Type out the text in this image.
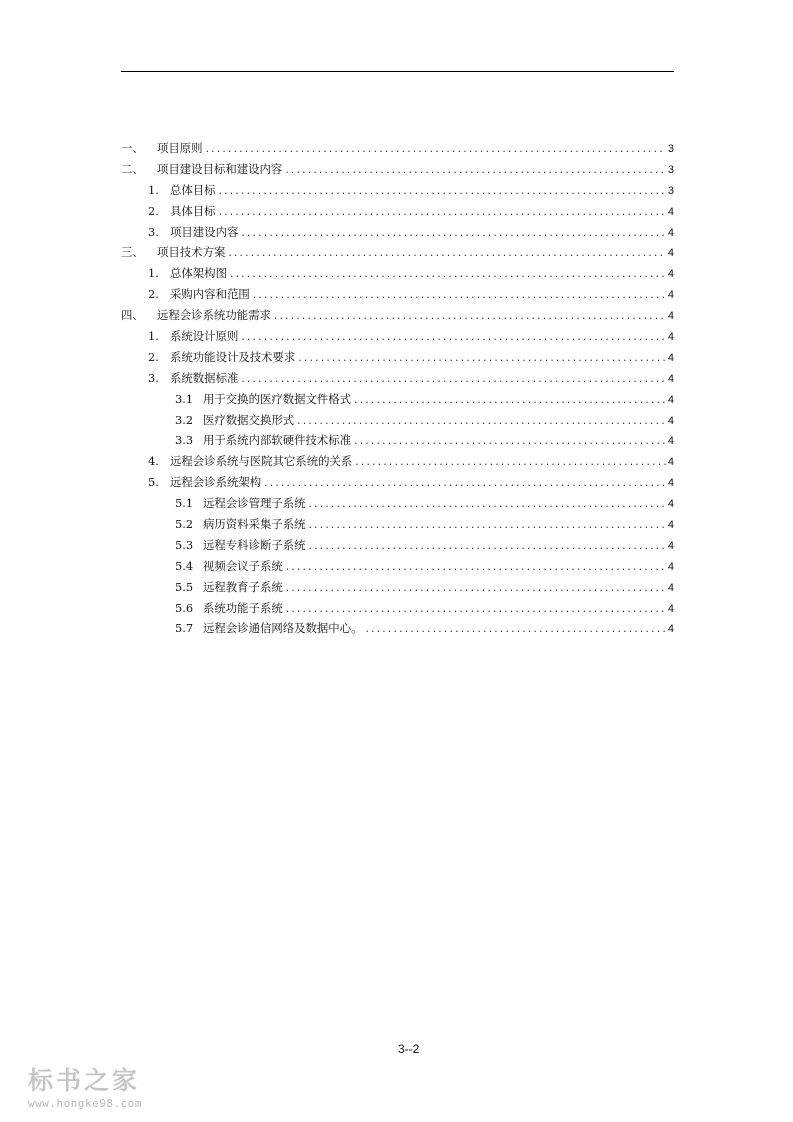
一、	项目原则 .....	3
二、	项目建设目标和建设内容 .....	3
1. 总体目标 .....	3
2. 具体目标 .....	4
3. 项目建设内容 .....	4
三、	项目技术方案 .....	4
1. 总体架构图 .....	4
2. 采购内容和范围 .....	4
四、	远程会诊系统功能需求 .....	4
1. 系统设计原则 .....	4
2. 系统功能设计及技术要求 .....	4
3. 系统数据标准 .....	4
3.1 用于交换的医疗数据文件格式 .....	4
3.2 医疗数据交换形式 .....	4
3.3 用于系统内部软硬件技术标准 .....	4
4. 远程会诊系统与医院其它系统的关系 .....	4
5. 远程会诊系统架构 .....	4
5.1 远程会诊管理子系统 .....	4
5.2 病历资料采集子系统 .....	4
5.3 远程专科诊断子系统 .....	4
5.4 视频会议子系统 .....	4
5.5 远程教育子系统 .....	4
5.6 系统功能子系统 .....	4
5.7 远程会诊通信网络及数据中心。 .....	4
3--2
标书之家
www.hongke98.com
